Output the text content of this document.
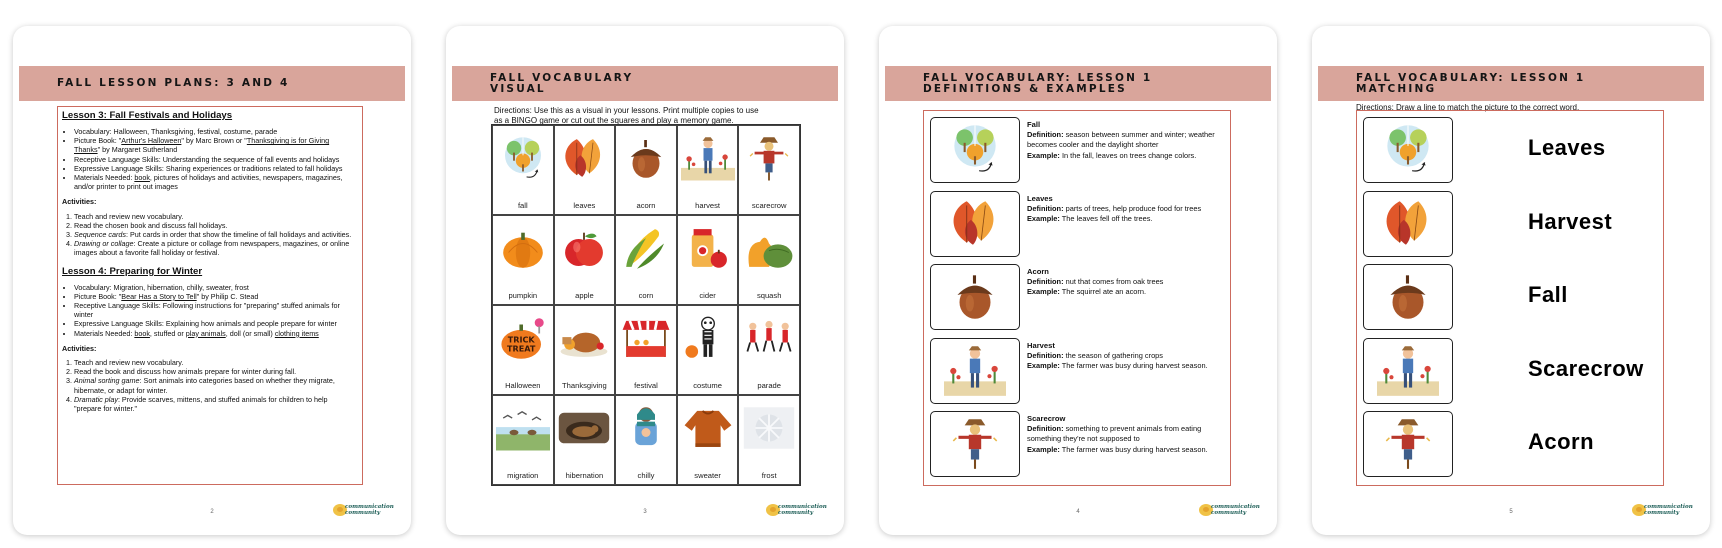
FALL LESSON PLANS: 3 AND 4
Lesson 3: Fall Festivals and Holidays
• Vocabulary: Halloween, Thanksgiving, festival, costume, parade
• Picture Book: "Arthur's Halloween" by Marc Brown or "Thanksgiving is for Giving Thanks" by Margaret Sutherland
• Receptive Language Skills: Understanding the sequence of fall events and holidays
• Expressive Language Skills: Sharing experiences or traditions related to fall holidays
• Materials Needed: book, pictures of holidays and activities, newspapers, magazines, and/or printer to print out images
Activities:
1. Teach and review new vocabulary.
2. Read the chosen book and discuss fall holidays.
3. Sequence cards: Put cards in order that show the timeline of fall holidays and activities.
4. Drawing or collage: Create a picture or collage from newspapers, magazines, or online images about a favorite fall holiday or festival.
Lesson 4: Preparing for Winter
• Vocabulary: Migration, hibernation, chilly, sweater, frost
• Picture Book: "Bear Has a Story to Tell" by Philip C. Stead
• Receptive Language Skills: Following instructions for "preparing" stuffed animals for winter
• Expressive Language Skills: Explaining how animals and people prepare for winter
• Materials Needed: book, stuffed or play animals, doll (or small) clothing items
Activities:
1. Teach and review new vocabulary.
2. Read the book and discuss how animals prepare for winter during fall.
3. Animal sorting game: Sort animals into categories based on whether they migrate, hibernate, or adapt for winter.
4. Dramatic play: Provide scarves, mittens, and stuffed animals for children to help "prepare for winter."
2
communication
community
FALL VOCABULARY
VISUAL
Directions: Use this as a visual in your lessons. Print multiple copies to use
as a BINGO game or cut out the squares and play a memory game.
fall	leaves	acorn	harvest	scarecrow
pumpkin	apple	corn	cider	squash
Halloween	Thanksgiving	festival	costume	parade
migration	hibernation	chilly	sweater	frost
3
communication
community
FALL VOCABULARY: LESSON 1
DEFINITIONS & EXAMPLES
Fall
Definition: season between summer and winter; weather becomes cooler and the daylight shorter
Example: In the fall, leaves on trees change colors.
Leaves
Definition: parts of trees, help produce food for trees
Example: The leaves fell off the trees.
Acorn
Definition: nut that comes from oak trees
Example: The squirrel ate an acorn.
Harvest
Definition: the season of gathering crops
Example: The farmer was busy during harvest season.
Scarecrow
Definition: something to prevent animals from eating something they're not supposed to
Example: The farmer was busy during harvest season.
4
communication
community
FALL VOCABULARY: LESSON 1
MATCHING
Directions: Draw a line to match the picture to the correct word.
Leaves
Harvest
Fall
Scarecrow
Acorn
5
communication
community
